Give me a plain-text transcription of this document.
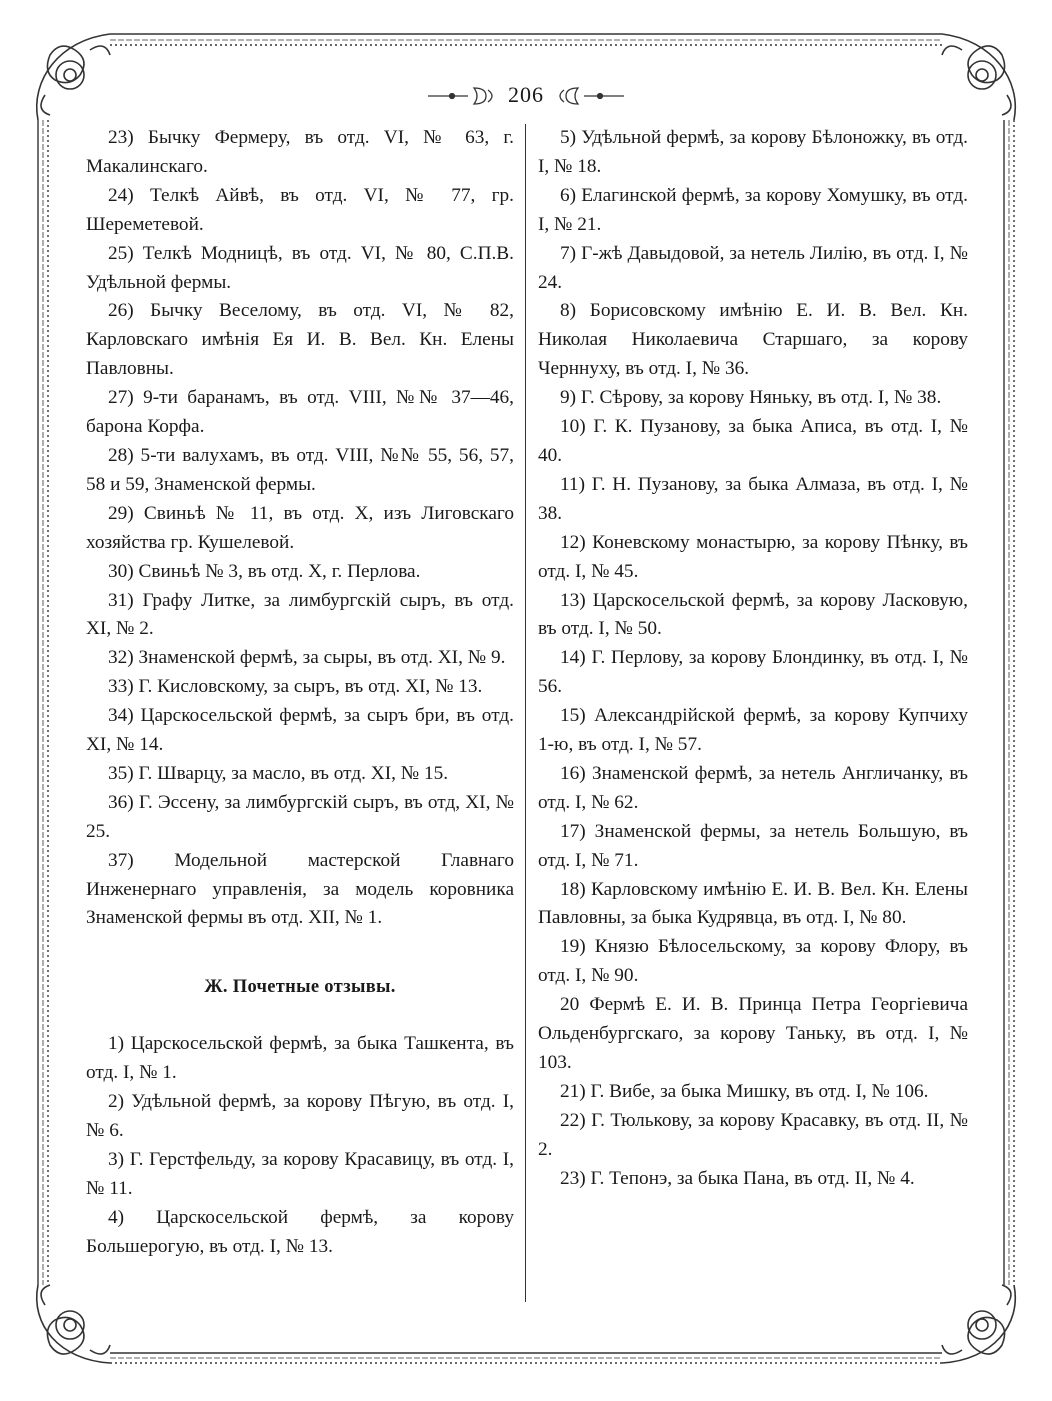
206

23) Бычку Фермеру, въ отд. VI, № 63, г. Макалинскаго.

24) Телкѣ Айвѣ, въ отд. VI, № 77, гр. Шереметевой.

25) Телкѣ Модницѣ, въ отд. VI, № 80, С.П.В. Удѣльной фермы.

26) Бычку Веселому, въ отд. VI, № 82, Карловскаго имѣнія Ея И. В. Вел. Кн. Елены Павловны.

27) 9-ти баранамъ, въ отд. VIII, №№ 37—46, барона Корфа.

28) 5-ти валухамъ, въ отд. VIII, №№ 55, 56, 57, 58 и 59, Знаменской фермы.

29) Свиньѣ № 11, въ отд. X, изъ Лиговскаго хозяйства гр. Кушелевой.

30) Свиньѣ № 3, въ отд. X, г. Перлова.

31) Графу Литке, за лимбургскій сыръ, въ отд. XI, № 2.

32) Знаменской фермѣ, за сыры, въ отд. XI, № 9.

33) Г. Кисловскому, за сыръ, въ отд. XI, № 13.

34) Царскосельской фермѣ, за сыръ бри, въ отд. XI, № 14.

35) Г. Шварцу, за масло, въ отд. XI, № 15.

36) Г. Эссену, за лимбургскій сыръ, въ отд, XI, № 25.

37) Модельной мастерской Главнаго Инженернаго управленія, за модель коровника Знаменской фермы въ отд. XII, № 1.

Ж. Почетные отзывы.

1) Царскосельской фермѣ, за быка Ташкента, въ отд. I, № 1.

2) Удѣльной фермѣ, за корову Пѣгую, въ отд. I, № 6.

3) Г. Герстфельду, за корову Красавицу, въ отд. I, № 11.

4) Царскосельской фермѣ, за корову Большерогую, въ отд. I, № 13.

5) Удѣльной фермѣ, за корову Бѣлоножку, въ отд. I, № 18.

6) Елагинской фермѣ, за корову Хомушку, въ отд. I, № 21.

7) Г-жѣ Давыдовой, за нетель Лилію, въ отд. I, № 24.

8) Борисовскому имѣнію Е. И. В. Вел. Кн. Николая Николаевича Старшаго, за корову Черннуху, въ отд. I, № 36.

9) Г. Сѣрову, за корову Няньку, въ отд. I, № 38.

10) Г. К. Пузанову, за быка Аписа, въ отд. I, № 40.

11) Г. Н. Пузанову, за быка Алмаза, въ отд. I, № 38.

12) Коневскому монастырю, за корову Пѣнку, въ отд. I, № 45.

13) Царскосельской фермѣ, за корову Ласковую, въ отд. I, № 50.

14) Г. Перлову, за корову Блондинку, въ отд. I, № 56.

15) Александрійской фермѣ, за корову Купчиху 1-ю, въ отд. I, № 57.

16) Знаменской фермѣ, за нетель Англичанку, въ отд. I, № 62.

17) Знаменской фермы, за нетель Большую, въ отд. I, № 71.

18) Карловскому имѣнію Е. И. В. Вел. Кн. Елены Павловны, за быка Кудрявца, въ отд. I, № 80.

19) Князю Бѣлосельскому, за корову Флору, въ отд. I, № 90.

20 Фермѣ Е. И. В. Принца Петра Георгіевича Ольденбургскаго, за корову Таньку, въ отд. I, № 103.

21) Г. Вибе, за быка Мишку, въ отд. I, № 106.

22) Г. Тюлькову, за корову Красавку, въ отд. II, № 2.

23) Г. Тепонэ, за быка Пана, въ отд. II, № 4.
